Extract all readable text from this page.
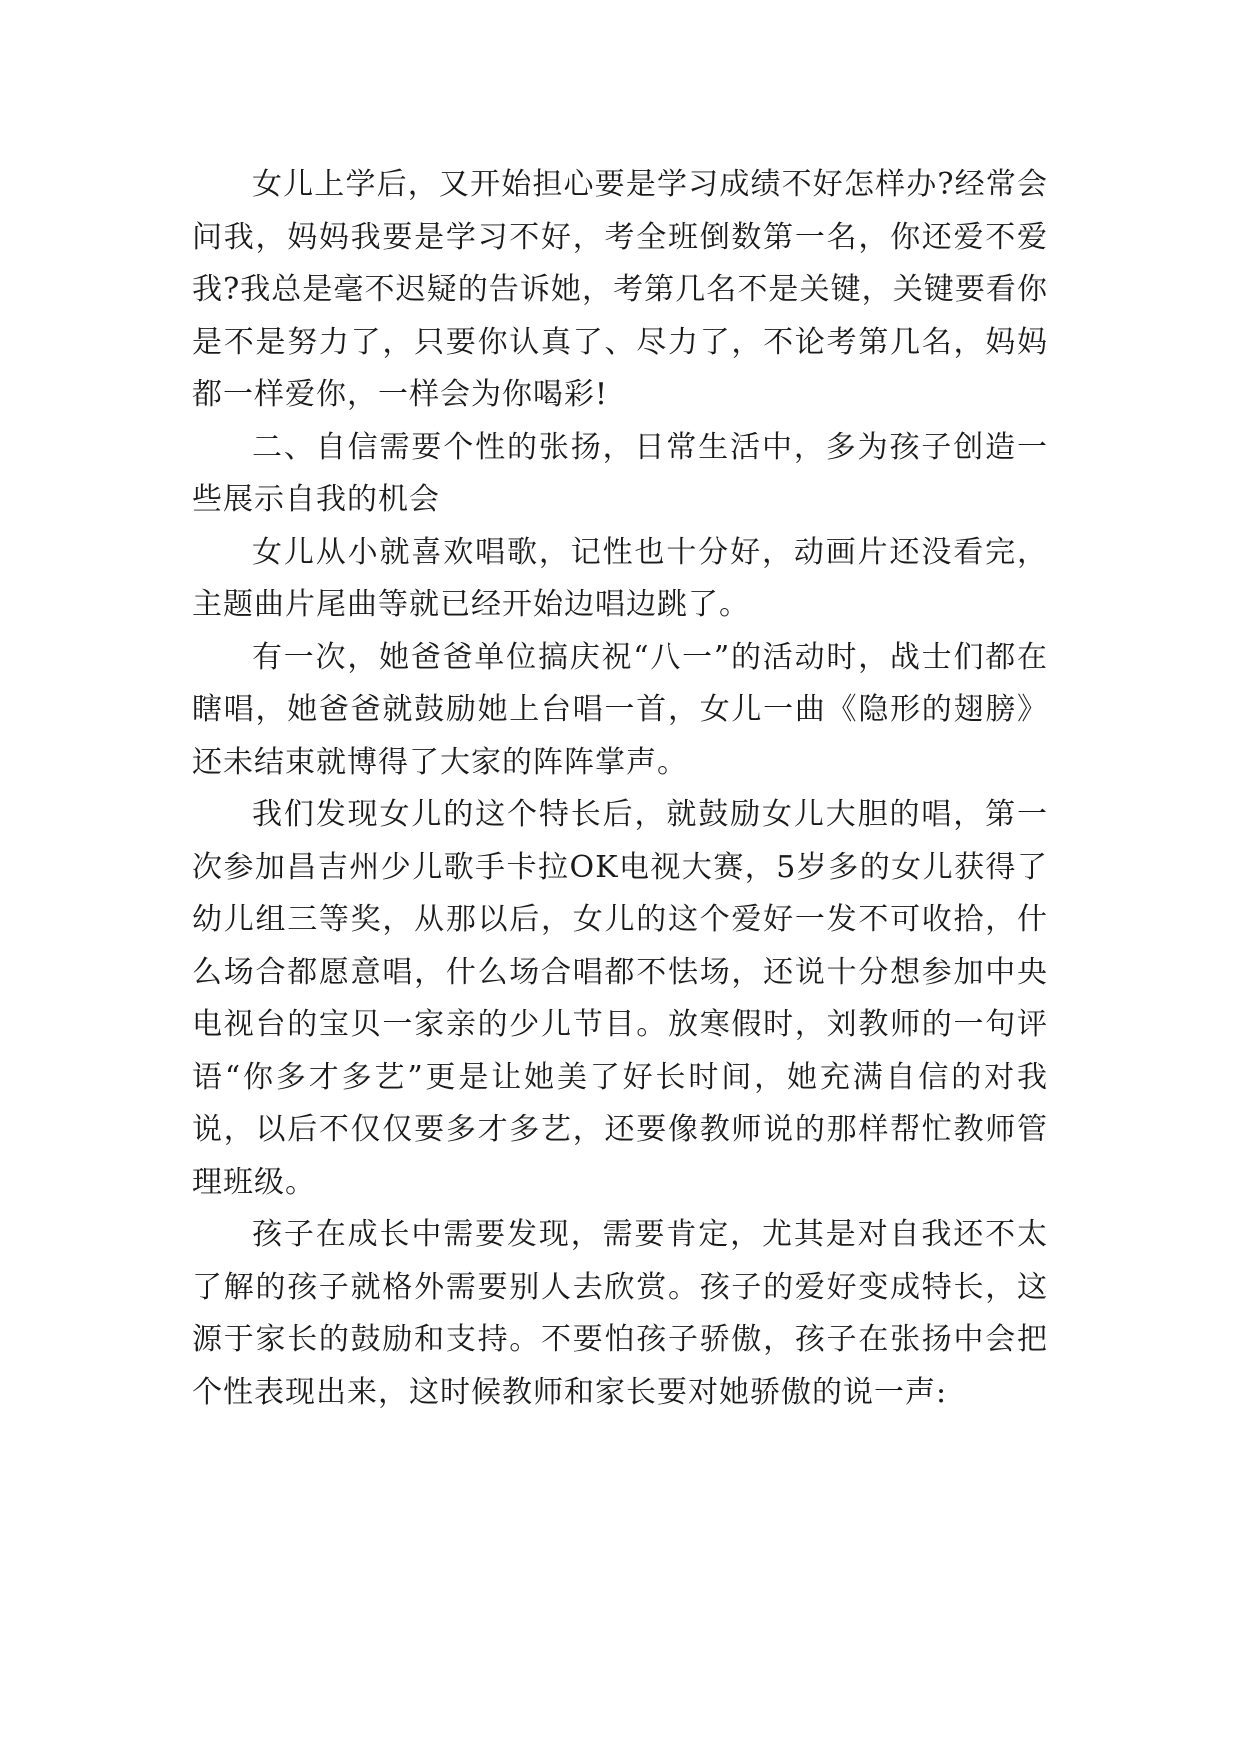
女儿上学后，又开始担心要是学习成绩不好怎样办?经常会问我，妈妈我要是学习不好，考全班倒数第一名，你还爱不爱我?我总是毫不迟疑的告诉她，考第几名不是关键，关键要看你是不是努力了，只要你认真了、尽力了，不论考第几名，妈妈都一样爱你，一样会为你喝彩!

二、自信需要个性的张扬，日常生活中，多为孩子创造一些展示自我的机会

女儿从小就喜欢唱歌，记性也十分好，动画片还没看完，主题曲片尾曲等就已经开始边唱边跳了。

有一次，她爸爸单位搞庆祝“八一”的活动时，战士们都在瞎唱，她爸爸就鼓励她上台唱一首，女儿一曲《隐形的翅膀》还未结束就博得了大家的阵阵掌声。

我们发现女儿的这个特长后，就鼓励女儿大胆的唱，第一次参加昌吉州少儿歌手卡拉OK电视大赛，5岁多的女儿获得了幼儿组三等奖，从那以后，女儿的这个爱好一发不可收拾，什么场合都愿意唱，什么场合唱都不怯场，还说十分想参加中央电视台的宝贝一家亲的少儿节目。放寒假时，刘教师的一句评语“你多才多艺”更是让她美了好长时间，她充满自信的对我说，以后不仅仅要多才多艺，还要像教师说的那样帮忙教师管理班级。

孩子在成长中需要发现，需要肯定，尤其是对自我还不太了解的孩子就格外需要别人去欣赏。孩子的爱好变成特长，这源于家长的鼓励和支持。不要怕孩子骄傲，孩子在张扬中会把个性表现出来，这时候教师和家长要对她骄傲的说一声:
